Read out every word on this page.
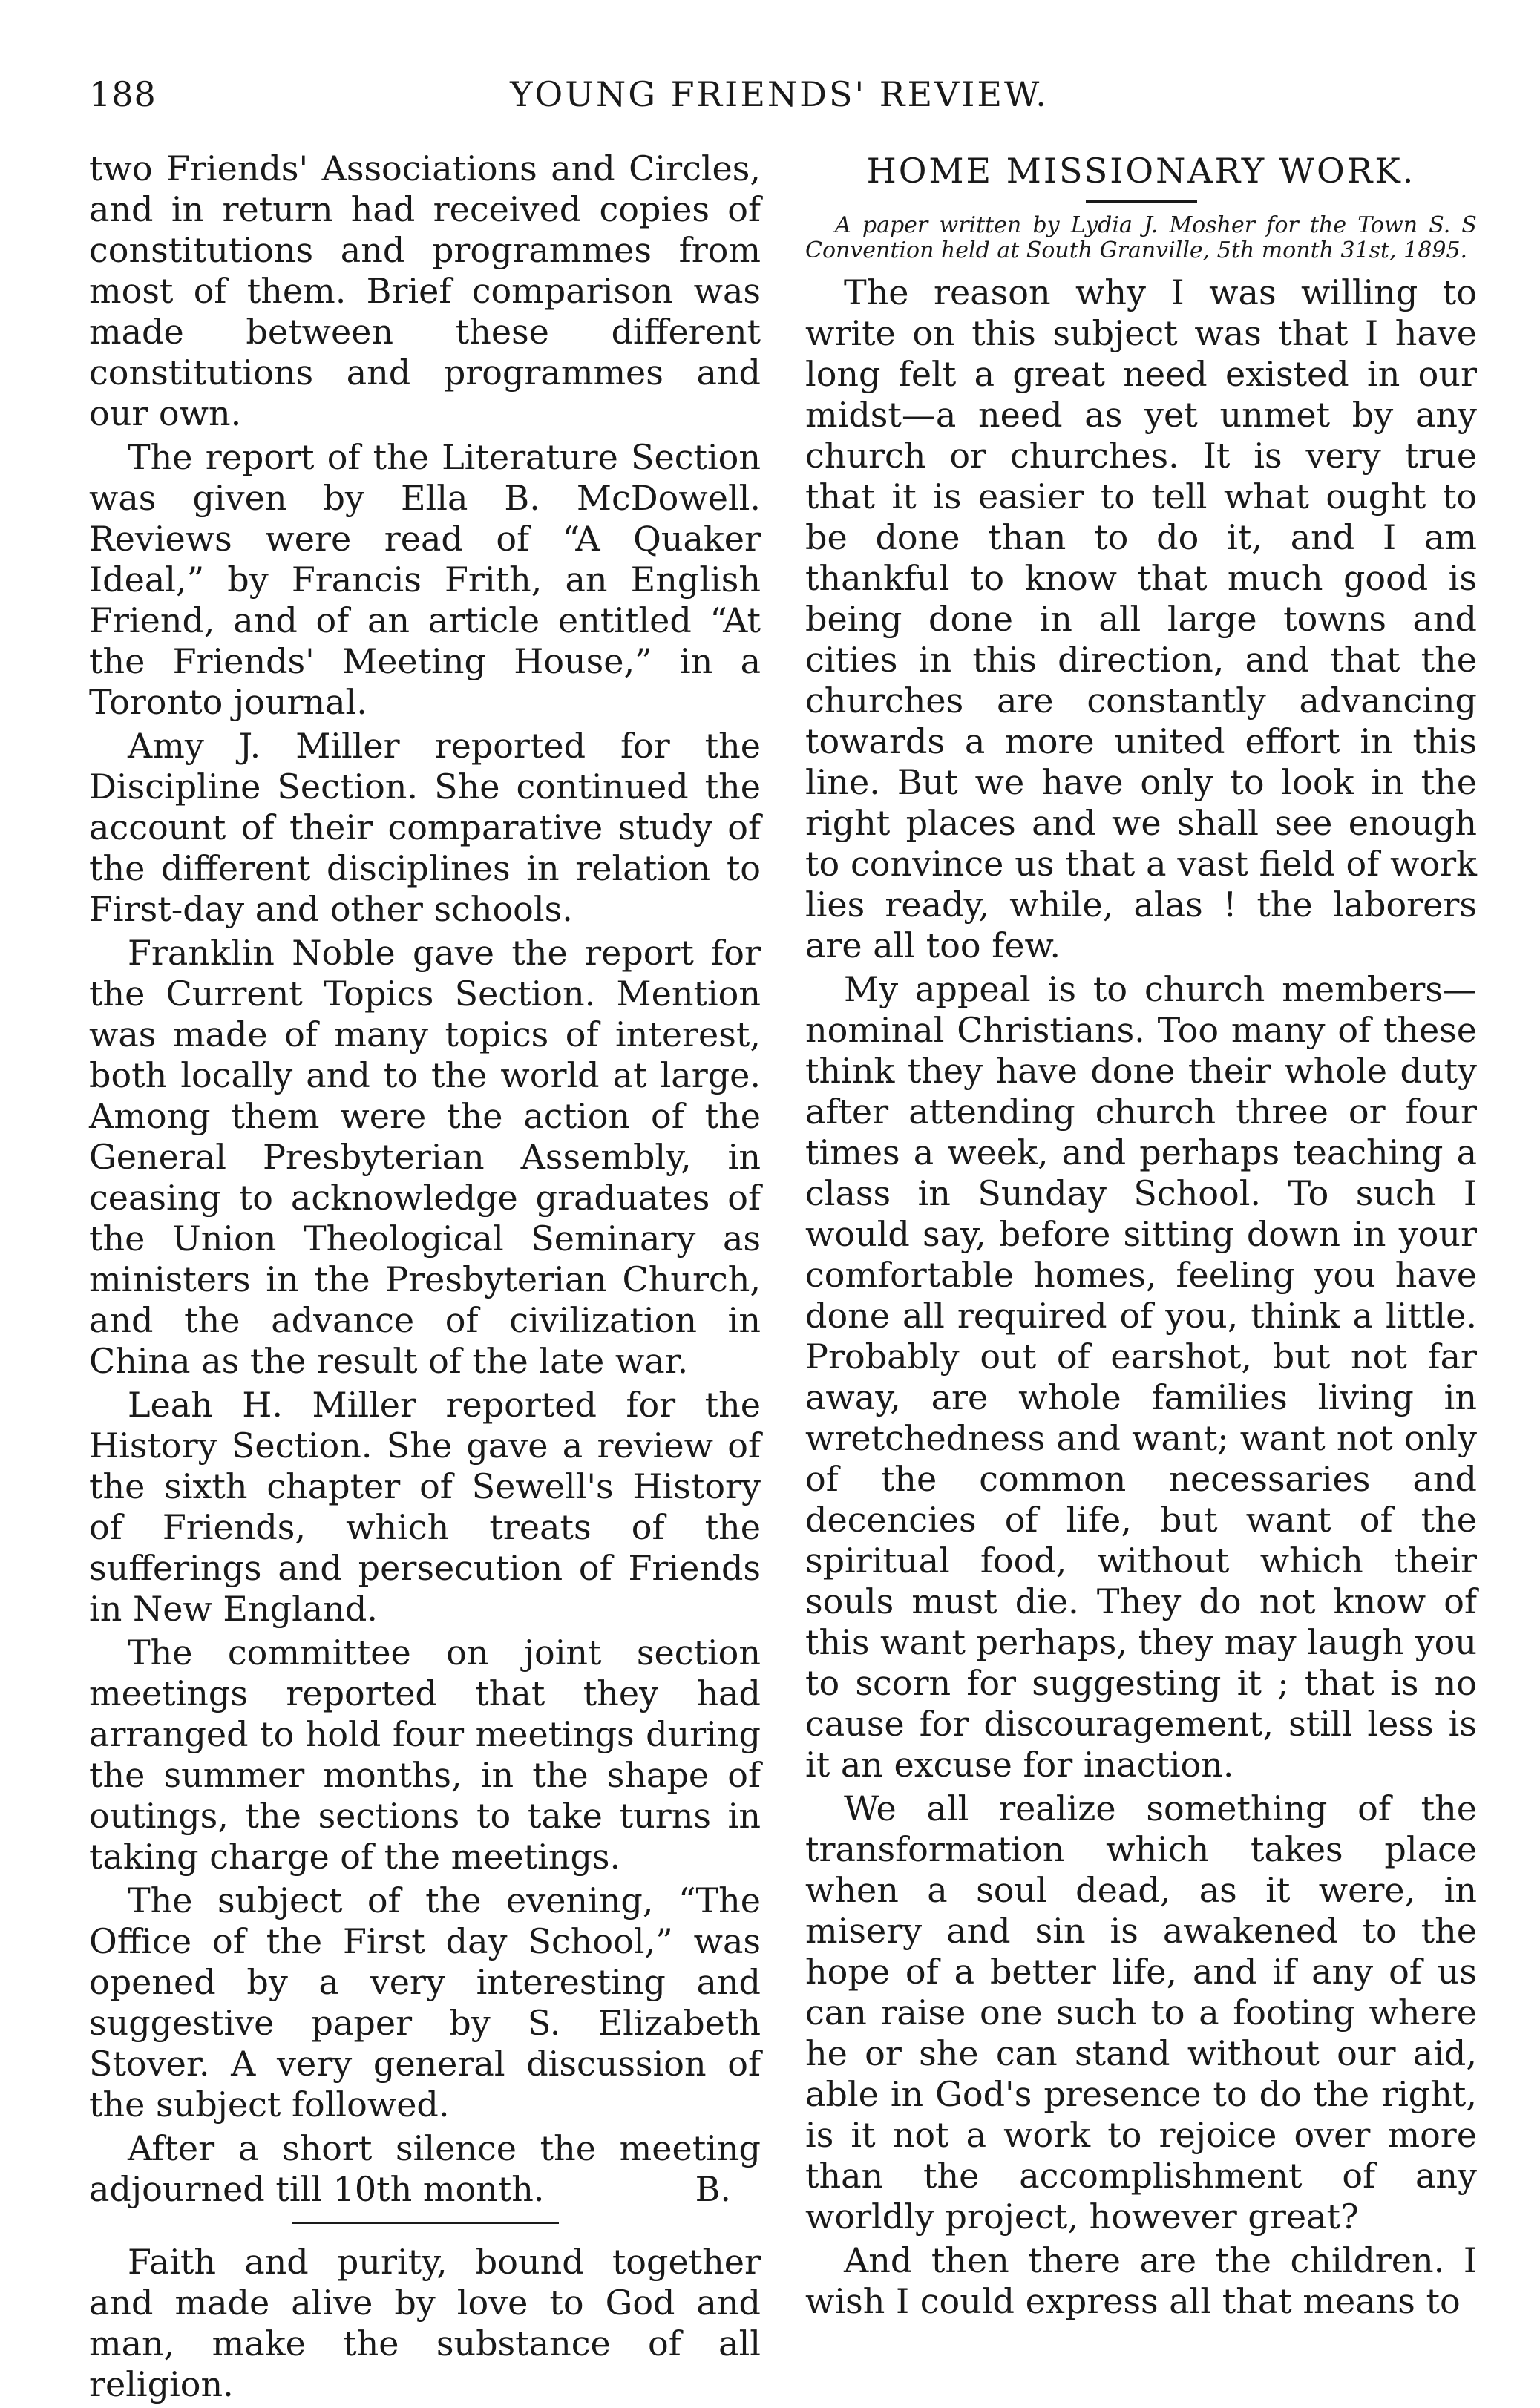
188	YOUNG FRIENDS' REVIEW.

two Friends' Associations and Circles, and in return had received copies of constitutions and programmes from most of them. Brief comparison was made between these different constitutions and programmes and our own.

The report of the Literature Section was given by Ella B. McDowell. Reviews were read of “A Quaker Ideal,” by Francis Frith, an English Friend, and of an article entitled “At the Friends' Meeting House,” in a Toronto journal.

Amy J. Miller reported for the Discipline Section. She continued the account of their comparative study of the different disciplines in relation to First-day and other schools.

Franklin Noble gave the report for the Current Topics Section. Mention was made of many topics of interest, both locally and to the world at large. Among them were the action of the General Presbyterian Assembly, in ceasing to acknowledge graduates of the Union Theological Seminary as ministers in the Presbyterian Church, and the advance of civilization in China as the result of the late war.

Leah H. Miller reported for the History Section. She gave a review of the sixth chapter of Sewell's History of Friends, which treats of the sufferings and persecution of Friends in New England.

The committee on joint section meetings reported that they had arranged to hold four meetings during the summer months, in the shape of outings, the sections to take turns in taking charge of the meetings.

The subject of the evening, “The Office of the First day School,” was opened by a very interesting and suggestive paper by S. Elizabeth Stover. A very general discussion of the subject followed.

After a short silence the meeting adjourned till 10th month.	B.

Faith and purity, bound together and made alive by love to God and man, make the substance of all religion.

HOME MISSIONARY WORK.
A paper written by Lydia J. Mosher for the Town S. S Convention held at South Granville, 5th month 31st, 1895.

The reason why I was willing to write on this subject was that I have long felt a great need existed in our midst—a need as yet unmet by any church or churches. It is very true that it is easier to tell what ought to be done than to do it, and I am thankful to know that much good is being done in all large towns and cities in this direction, and that the churches are constantly advancing towards a more united effort in this line. But we have only to look in the right places and we shall see enough to convince us that a vast field of work lies ready, while, alas ! the laborers are all too few.

My appeal is to church members—nominal Christians. Too many of these think they have done their whole duty after attending church three or four times a week, and perhaps teaching a class in Sunday School. To such I would say, before sitting down in your comfortable homes, feeling you have done all required of you, think a little. Probably out of earshot, but not far away, are whole families living in wretchedness and want; want not only of the common necessaries and decencies of life, but want of the spiritual food, without which their souls must die. They do not know of this want perhaps, they may laugh you to scorn for suggesting it ; that is no cause for discouragement, still less is it an excuse for inaction.

We all realize something of the transformation which takes place when a soul dead, as it were, in misery and sin is awakened to the hope of a better life, and if any of us can raise one such to a footing where he or she can stand without our aid, able in God's presence to do the right, is it not a work to rejoice over more than the accomplishment of any worldly project, however great?

And then there are the children. I wish I could express all that means to
